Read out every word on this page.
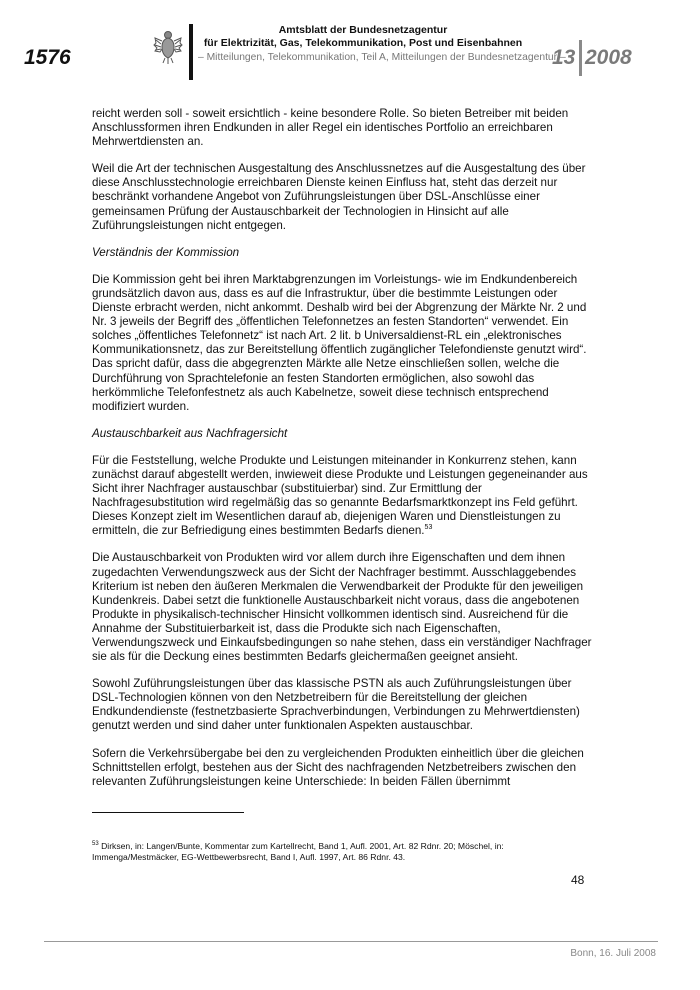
1576
Amtsblatt der Bundesnetzagentur
für Elektrizität, Gas, Telekommunikation, Post und Eisenbahnen
– Mitteilungen, Telekommunikation, Teil A, Mitteilungen der Bundesnetzagentur –
13 2008

reicht werden soll - soweit ersichtlich - keine besondere Rolle. So bieten Betreiber mit beiden Anschlussformen ihren Endkunden in aller Regel ein identisches Portfolio an erreichbaren Mehrwertdiensten an.

Weil die Art der technischen Ausgestaltung des Anschlussnetzes auf die Ausgestaltung des über diese Anschlusstechnologie erreichbaren Dienste keinen Einfluss hat, steht das derzeit nur beschränkt vorhandene Angebot von Zuführungsleistungen über DSL-Anschlüsse einer gemeinsamen Prüfung der Austauschbarkeit der Technologien in Hinsicht auf alle Zuführungsleistungen nicht entgegen.

Verständnis der Kommission

Die Kommission geht bei ihren Marktabgrenzungen im Vorleistungs- wie im Endkundenbereich grundsätzlich davon aus, dass es auf die Infrastruktur, über die bestimmte Leistungen oder Dienste erbracht werden, nicht ankommt. Deshalb wird bei der Abgrenzung der Märkte Nr. 2 und Nr. 3 jeweils der Begriff des „öffentlichen Telefonnetzes an festen Standorten“ verwendet. Ein solches „öffentliches Telefonnetz“ ist nach Art. 2 lit. b Universaldienst-RL ein „elektronisches Kommunikationsnetz, das zur Bereitstellung öffentlich zugänglicher Telefondienste genutzt wird“. Das spricht dafür, dass die abgegrenzten Märkte alle Netze einschließen sollen, welche die Durchführung von Sprachtelefonie an festen Standorten ermöglichen, also sowohl das herkömmliche Telefonfestnetz als auch Kabelnetze, soweit diese technisch entsprechend modifiziert wurden.

Austauschbarkeit aus Nachfragersicht

Für die Feststellung, welche Produkte und Leistungen miteinander in Konkurrenz stehen, kann zunächst darauf abgestellt werden, inwieweit diese Produkte und Leistungen gegeneinander aus Sicht ihrer Nachfrager austauschbar (substituierbar) sind. Zur Ermittlung der Nachfragesubstitution wird regelmäßig das so genannte Bedarfsmarktkonzept ins Feld geführt. Dieses Konzept zielt im Wesentlichen darauf ab, diejenigen Waren und Dienstleistungen zu ermitteln, die zur Befriedigung eines bestimmten Bedarfs dienen.$^{53}$

Die Austauschbarkeit von Produkten wird vor allem durch ihre Eigenschaften und dem ihnen zugedachten Verwendungszweck aus der Sicht der Nachfrager bestimmt. Ausschlaggebendes Kriterium ist neben den äußeren Merkmalen die Verwendbarkeit der Produkte für den jeweiligen Kundenkreis. Dabei setzt die funktionelle Austauschbarkeit nicht voraus, dass die angebotenen Produkte in physikalisch-technischer Hinsicht vollkommen identisch sind. Ausreichend für die Annahme der Substituierbarkeit ist, dass die Produkte sich nach Eigenschaften, Verwendungszweck und Einkaufsbedingungen so nahe stehen, dass ein verständiger Nachfrager sie als für die Deckung eines bestimmten Bedarfs gleichermaßen geeignet ansieht.

Sowohl Zuführungsleistungen über das klassische PSTN als auch Zuführungsleistungen über DSL-Technologien können von den Netzbetreibern für die Bereitstellung der gleichen Endkundendienste (festnetzbasierte Sprachverbindungen, Verbindungen zu Mehrwertdiensten) genutzt werden und sind daher unter funktionalen Aspekten austauschbar.

Sofern die Verkehrsübergabe bei den zu vergleichenden Produkten einheitlich über die gleichen Schnittstellen erfolgt, bestehen aus der Sicht des nachfragenden Netzbetreibers zwischen den relevanten Zuführungsleistungen keine Unterschiede: In beiden Fällen übernimmt

$^{53}$ Dirksen, in: Langen/Bunte, Kommentar zum Kartellrecht, Band 1, Aufl. 2001, Art. 82 Rdnr. 20; Möschel, in: Immenga/Mestmäcker, EG-Wettbewerbsrecht, Band I, Aufl. 1997, Art. 86 Rdnr. 43.
48
Bonn, 16. Juli 2008
